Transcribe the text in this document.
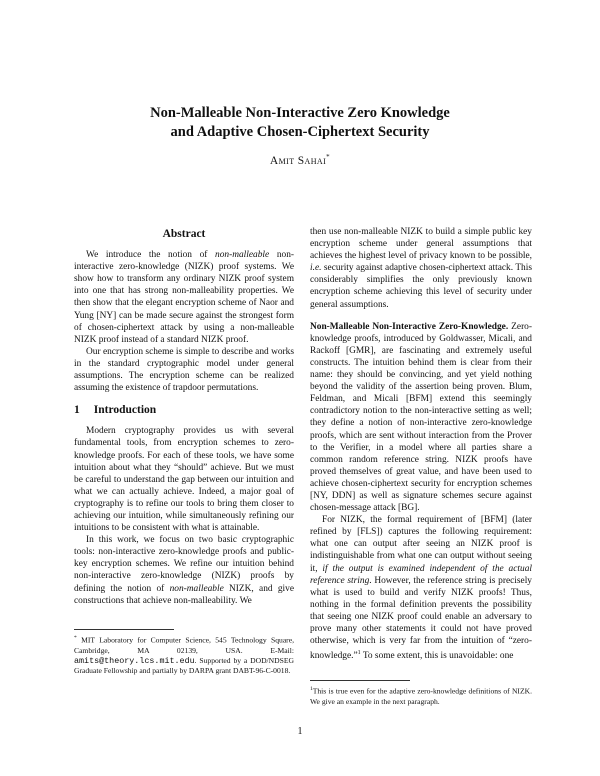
Non-Malleable Non-Interactive Zero Knowledge
and Adaptive Chosen-Ciphertext Security
Amit Sahai*
Abstract

We introduce the notion of non-malleable non-interactive zero-knowledge (NIZK) proof systems. We show how to transform any ordinary NIZK proof system into one that has strong non-malleability properties. We then show that the elegant encryption scheme of Naor and Yung [NY] can be made secure against the strongest form of chosen-ciphertext attack by using a non-malleable NIZK proof instead of a standard NIZK proof.

Our encryption scheme is simple to describe and works in the standard cryptographic model under general assumptions. The encryption scheme can be realized assuming the existence of trapdoor permutations.

1 Introduction

Modern cryptography provides us with several fundamental tools, from encryption schemes to zero-knowledge proofs. For each of these tools, we have some intuition about what they “should” achieve. But we must be careful to understand the gap between our intuition and what we can actually achieve. Indeed, a major goal of cryptography is to refine our tools to bring them closer to achieving our intuition, while simultaneously refining our intuitions to be consistent with what is attainable.

In this work, we focus on two basic cryptographic tools: non-interactive zero-knowledge proofs and public-key encryption schemes. We refine our intuition behind non-interactive zero-knowledge (NIZK) proofs by defining the notion of non-malleable NIZK, and give constructions that achieve non-malleability. We

* MIT Laboratory for Computer Science, 545 Technology Square, Cambridge, MA 02139, USA. E-Mail: amits@theory.lcs.mit.edu. Supported by a DOD/NDSEG Graduate Fellowship and partially by DARPA grant DABT-96-C-0018.

then use non-malleable NIZK to build a simple public key encryption scheme under general assumptions that achieves the highest level of privacy known to be possible, i.e. security against adaptive chosen-ciphertext attack. This considerably simplifies the only previously known encryption scheme achieving this level of security under general assumptions.

Non-Malleable Non-Interactive Zero-Knowledge. Zero-knowledge proofs, introduced by Goldwasser, Micali, and Rackoff [GMR], are fascinating and extremely useful constructs. The intuition behind them is clear from their name: they should be convincing, and yet yield nothing beyond the validity of the assertion being proven. Blum, Feldman, and Micali [BFM] extend this seemingly contradictory notion to the non-interactive setting as well; they define a notion of non-interactive zero-knowledge proofs, which are sent without interaction from the Prover to the Verifier, in a model where all parties share a common random reference string. NIZK proofs have proved themselves of great value, and have been used to achieve chosen-ciphertext security for encryption schemes [NY, DDN] as well as signature schemes secure against chosen-message attack [BG].

For NIZK, the formal requirement of [BFM] (later refined by [FLS]) captures the following requirement: what one can output after seeing an NIZK proof is indistinguishable from what one can output without seeing it, if the output is examined independent of the actual reference string. However, the reference string is precisely what is used to build and verify NIZK proofs! Thus, nothing in the formal definition prevents the possibility that seeing one NIZK proof could enable an adversary to prove many other statements it could not have proved otherwise, which is very far from the intuition of “zero-knowledge.”$^1$ To some extent, this is unavoidable: one

$^1$This is true even for the adaptive zero-knowledge definitions of NIZK. We give an example in the next paragraph.
1
